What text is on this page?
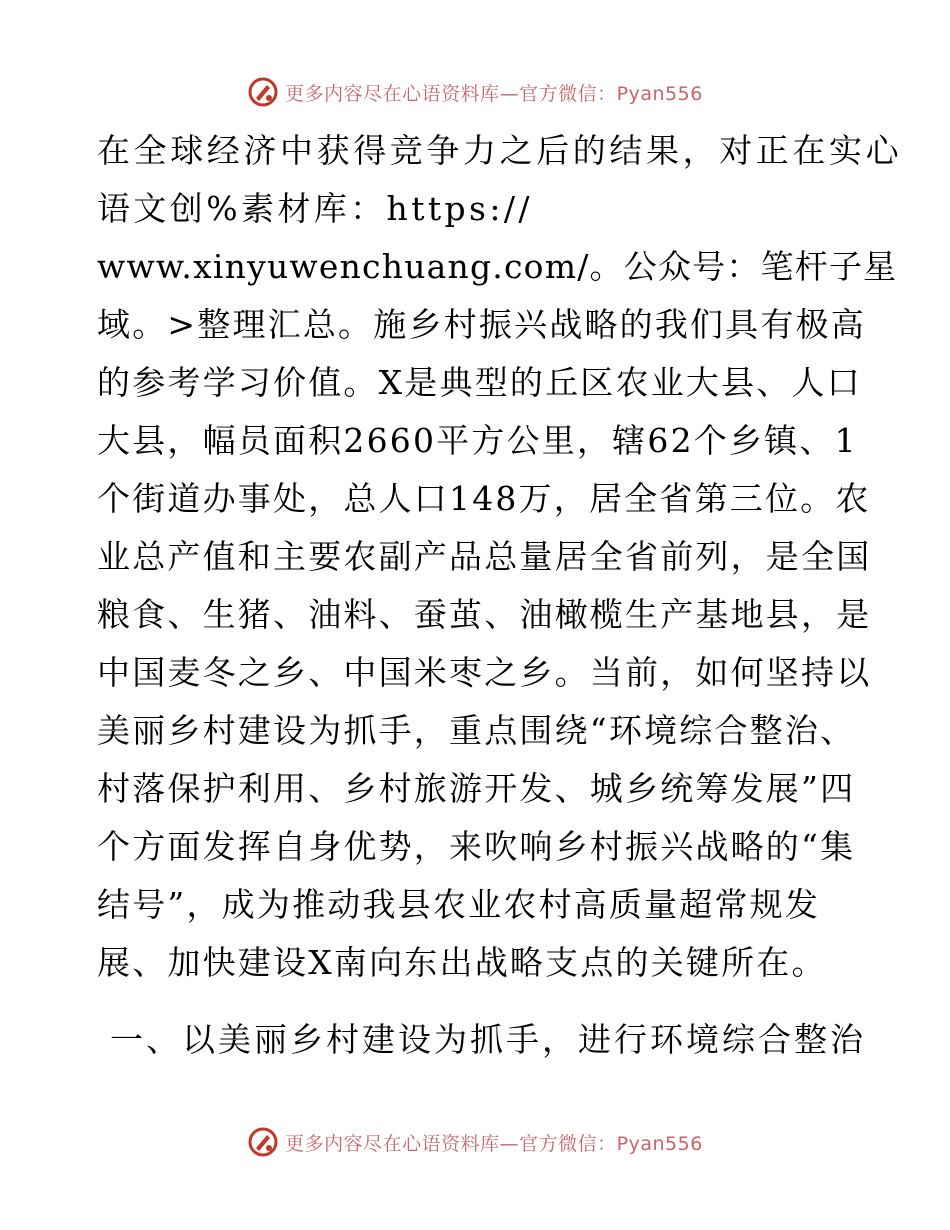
更多内容尽在心语资料库—官方微信：Pyan556
在全球经济中获得竞争力之后的结果，对正在实心
语文创%素材库：https://
www.xinyuwenchuang.com/。公众号：笔杆子星
域。>整理汇总。施乡村振兴战略的我们具有极高
的参考学习价值。X是典型的丘区农业大县、人口
大县，幅员面积2660平方公里，辖62个乡镇、1
个街道办事处，总人口148万，居全省第三位。农
业总产值和主要农副产品总量居全省前列，是全国
粮食、生猪、油料、蚕茧、油橄榄生产基地县，是
中国麦冬之乡、中国米枣之乡。当前，如何坚持以
美丽乡村建设为抓手，重点围绕“环境综合整治、
村落保护利用、乡村旅游开发、城乡统筹发展”四
个方面发挥自身优势，来吹响乡村振兴战略的“集
结号”，成为推动我县农业农村高质量超常规发
展、加快建设X南向东出战略支点的关键所在。
一、以美丽乡村建设为抓手，进行环境综合整治
更多内容尽在心语资料库—官方微信：Pyan556
